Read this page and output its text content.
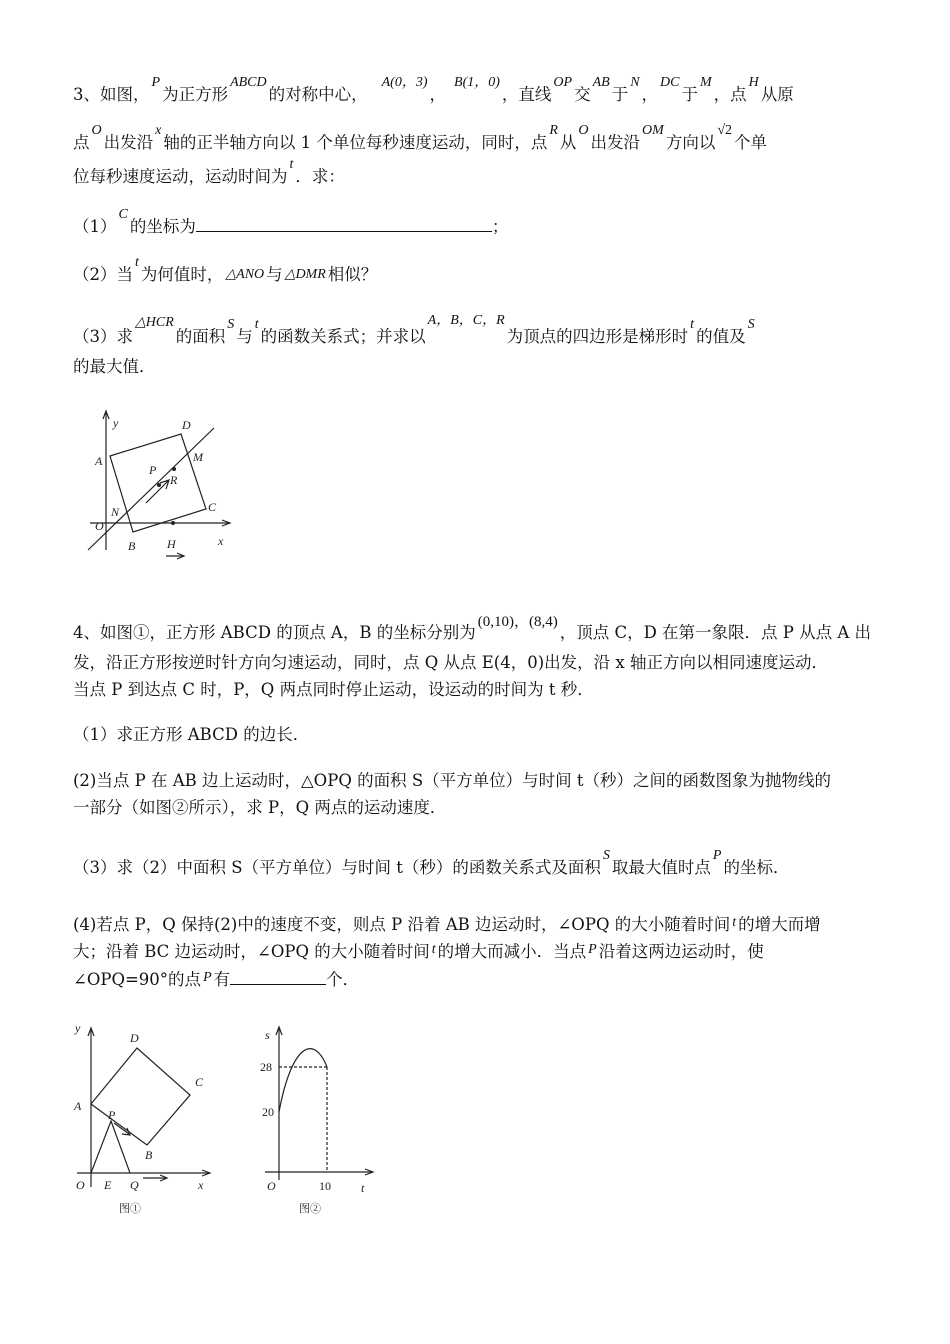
3、如图，$^P$为正方形$^{ABCD}$的对称中心，$^{A(0,3)}$，$^{B(1,0)}$，直线$^{OP}$交$^{AB}$于$^N$，$^{DC}$于$^M$，点$^H$从原
点$^O$出发沿$^x$轴的正半轴方向以 1 个单位每秒速度运动，同时，点$^R$从$^O$出发沿$^{OM}$方向以$^{√2}$个单
位每秒速度运动，运动时间为$^t$．求：
$(1)^C$的坐标为	；
（2）当$^t$为何值时， △ANO 与 △DMR 相似？
（3）求$^{\triangle HCR}$的面积$^S$与$^t$的函数关系式；并求以$^{A,B,C,R}$为顶点的四边形是梯形时$^t$的值及$^S$
的最大值．
y
x
A
D
M
P
R
N	C
O
B	H
4、如图①，正方形 ABCD 的顶点 A，B 的坐标分别为(0,10)，(8,4)，顶点 C，D 在第一象限．点 P 从点 A 出
发，沿正方形按逆时针方向匀速运动，同时，点 Q 从点 E(4，0)出发，沿 x 轴正方向以相同速度运动．
当点 P 到达点 C 时，P，Q 两点同时停止运动，设运动的时间为 t 秒．
（1）求正方形 ABCD 的边长．
(2)当点 P 在 AB 边上运动时，△OPQ 的面积 S（平方单位）与时间 t（秒）之间的函数图象为抛物线的
一部分（如图②所示），求 P，Q 两点的运动速度．
（3）求（2）中面积 S（平方单位）与时间 t（秒）的函数关系式及面积$^S$取最大值时点$^P$的坐标．
(4)若点 P，Q 保持(2)中的速度不变，则点 P 沿着 AB 边运动时，∠OPQ 的大小随着时间 $^t$ 的增大而增
大；沿着 BC 边运动时，∠OPQ 的大小随着时间 $^t$ 的增大而减小．当点 $^P$ 沿着这两边运动时，使
∠OPQ=90°的点 $^P$ 有	个．
y
D
C
A
P
B
O E Q	x
图①
s
28
20
O	10	t
图②
